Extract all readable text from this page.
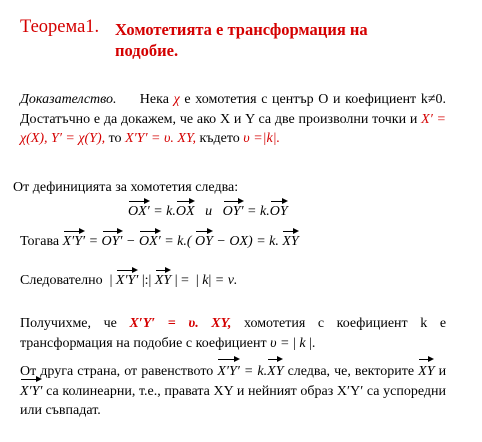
Теорема1. Хомотетията е трансформация на
подобие.
Доказателство. Нека χ е хомотетия с център О и коефициент k≠0. Достатъчно е да докажем, че ако X и Y са две произволни точки и X′ = χ(X), Y′ = χ(Y), то X′Y′ = υ. XY, където υ =|k|.
От дефиницията за хомотетия следва:
OX′ = k.OX и OY′ = k.OY
Тогава X′Y′ = OY′ − OX′ = k.( OY − OX) = k. XY
Следователно  | X′Y′ |:| XY | =  | k| = ν.
Получихме, че X′Y′ = υ. XY, хомотетия с коефициент k е трансформация на подобие с коефициент υ = | k |.
От друга страна, от равенството X′Y′ = k.XY следва, че, векторите XY и X′Y′ са колинеарни, т.е., правата XY и нейният образ X′Y′ са успоредни или съвпадат.
